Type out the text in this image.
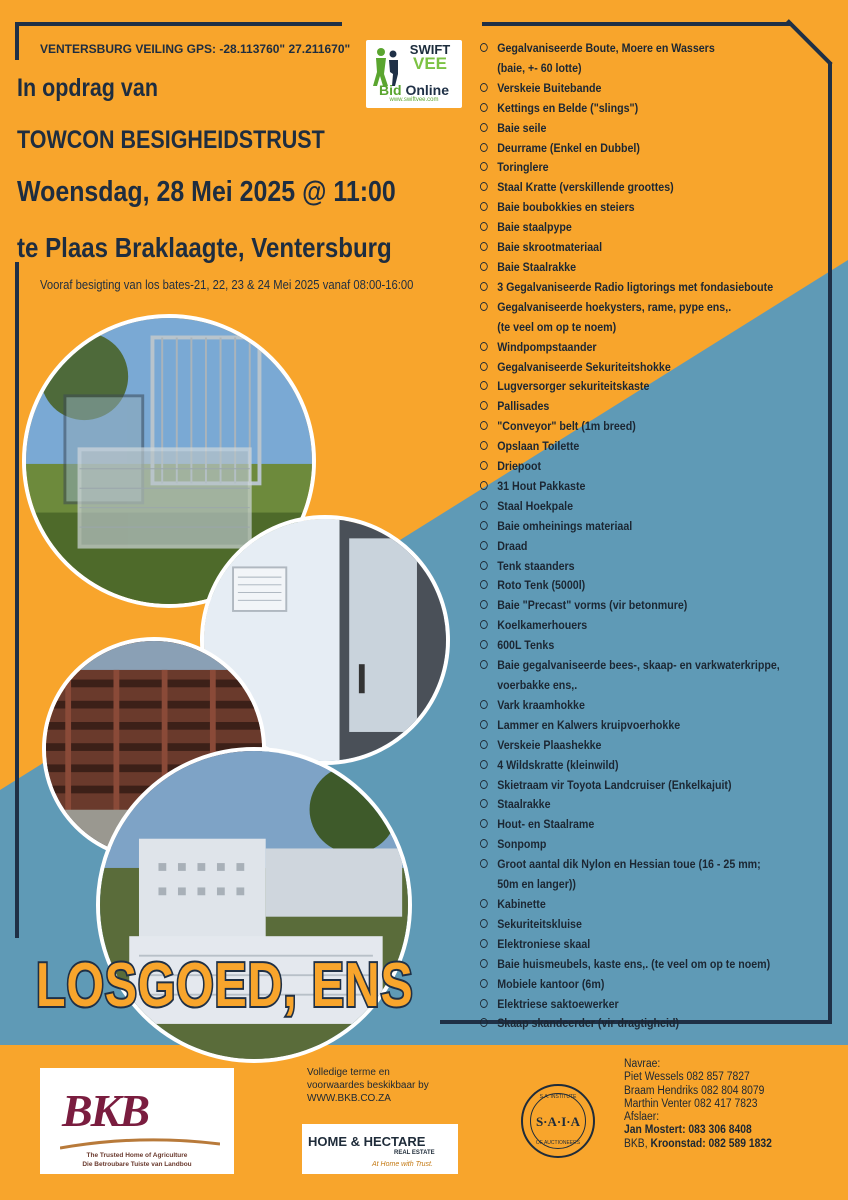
VENTERSBURG VEILING GPS: -28.113760" 27.211670"
In opdrag van
TOWCON BESIGHEIDSTRUST
Woensdag, 28 Mei 2025 @ 11:00
te Plaas Braklaagte, Ventersburg
Vooraf besigting van los bates-21, 22, 23 & 24 Mei 2025 vanaf 08:00-16:00
SWIFT
VEE
Bid Online
www.swiftvee.com
Gegalvaniseerde Boute, Moere en Wassers
(baie, +- 60 lotte)
Verskeie Buitebande
Kettings en Belde ("slings")
Baie seile
Deurrame (Enkel en Dubbel)
Toringlere
Staal Kratte (verskillende groottes)
Baie boubokkies en steiers
Baie staalpype
Baie skrootmateriaal
Baie Staalrakke
3 Gegalvaniseerde Radio ligtorings met fondasieboute
Gegalvaniseerde hoekysters, rame, pype ens,.
(te veel om op te noem)
Windpompstaander
Gegalvaniseerde Sekuriteitshokke
Lugversorger sekuriteitskaste
Pallisades
"Conveyor" belt (1m breed)
Opslaan Toilette
Driepoot
31 Hout Pakkaste
Staal Hoekpale
Baie omheinings materiaal
Draad
Tenk staanders
Roto Tenk (5000l)
Baie "Precast" vorms (vir betonmure)
Koelkamerhouers
600L Tenks
Baie gegalvaniseerde bees-, skaap- en varkwaterkrippe,
voerbakke ens,.
Vark kraamhokke
Lammer en Kalwers kruipvoerhokke
Verskeie Plaashekke
4 Wildskratte (kleinwild)
Skietraam vir Toyota Landcruiser (Enkelkajuit)
Staalrakke
Hout- en Staalrame
Sonpomp
Groot aantal dik Nylon en Hessian toue (16 - 25 mm;
50m en langer))
Kabinette
Sekuriteitskluise
Elektroniese skaal
Baie huismeubels, kaste ens,. (te veel om op te noem)
Mobiele kantoor (6m)
Elektriese saktoewerker
Skaap skandeerder (vir dragtigheid)
LOSGOED, ENS
BKB
The Trusted Home of Agriculture
Die Betroubare Tuiste van Landbou
Volledige terme en
voorwaardes beskikbaar by
WWW.BKB.CO.ZA
HOME & HECTARE
REAL ESTATE
At Home with Trust.
S.A. INSTITUTE
S·A·I·A
OF AUCTIONEERS
Navrae:
Piet Wessels 082 857 7827
Braam Hendriks 082 804 8079
Marthin Venter 082 417 7823
Afslaer:
Jan Mostert: 083 306 8408
BKB, Kroonstad: 082 589 1832
